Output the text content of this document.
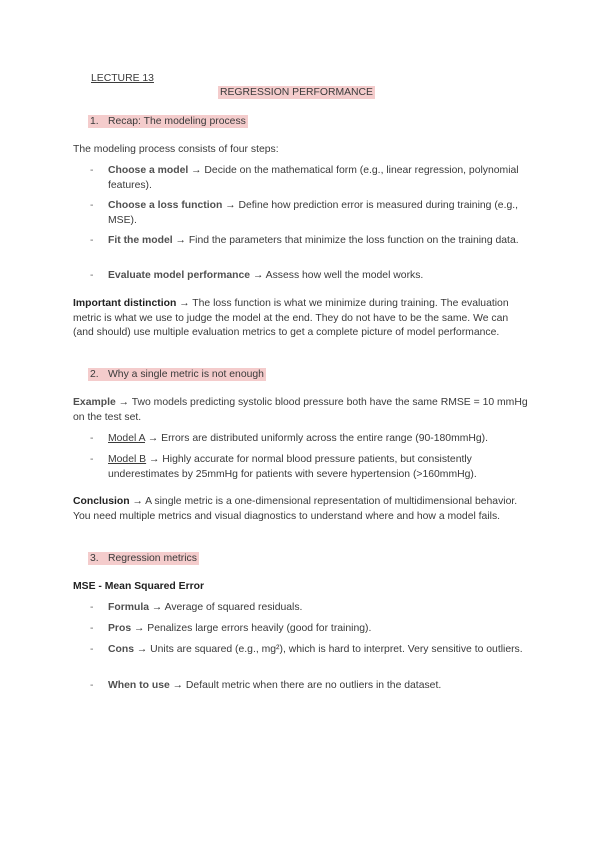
LECTURE 13
REGRESSION PERFORMANCE
1. Recap: The modeling process
The modeling process consists of four steps:
- Choose a model → Decide on the mathematical form (e.g., linear regression, polynomial features).
- Choose a loss function → Define how prediction error is measured during training (e.g., MSE).
- Fit the model → Find the parameters that minimize the loss function on the training data.
- Evaluate model performance → Assess how well the model works.
Important distinction → The loss function is what we minimize during training. The evaluation metric is what we use to judge the model at the end. They do not have to be the same. We can (and should) use multiple evaluation metrics to get a complete picture of model performance.
2. Why a single metric is not enough
Example → Two models predicting systolic blood pressure both have the same RMSE = 10 mmHg on the test set.
- Model A → Errors are distributed uniformly across the entire range (90-180mmHg).
- Model B → Highly accurate for normal blood pressure patients, but consistently underestimates by 25mmHg for patients with severe hypertension (>160mmHg).
Conclusion → A single metric is a one-dimensional representation of multidimensional behavior. You need multiple metrics and visual diagnostics to understand where and how a model fails.
3. Regression metrics
MSE - Mean Squared Error
- Formula → Average of squared residuals.
- Pros → Penalizes large errors heavily (good for training).
- Cons → Units are squared (e.g., mg²), which is hard to interpret. Very sensitive to outliers.
- When to use → Default metric when there are no outliers in the dataset.
